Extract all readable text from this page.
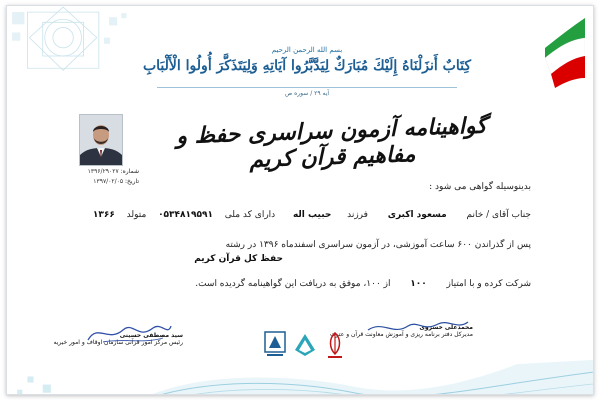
بسم الله الرحمن الرحیم
كِتَابٌ أَنزَلْنَاهُ إِلَيْكَ مُبَارَكٌ لِيَدَّبَّرُوا آيَاتِهِ وَلِيَتَذَكَّرَ أُولُوا الْأَلْبَابِ
آیه ۲۹ / سوره ص
شماره: ۱۳۹۶/۲۹۰۲۷
تاریخ: ۱۳۹۷/۰۲/۰۵
گواهینامه آزمون سراسری حفظ و مفاهیم قرآن کریم
بدینوسیله گواهی می شود :
جناب آقای / خانم  مسعود اکبری  فرزند  حبیب اله  دارای کد ملی  ۰۵۳۴۸۱۹۵۹۱  متولد  ۱۳۶۶
پس از گذراندن ۶۰۰ ساعت آموزشی، در آزمون سراسری اسفندماه ۱۳۹۶ در رشته
حفظ کل قرآن کریم
شرکت کرده و با امتیاز  ۱۰۰  از ۱۰۰، موفق به دریافت این گواهینامه گردیده است.
محمدعلی خسروی
مدیرکل دفتر برنامه ریزی و آموزش معاونت قرآن و عترت
سید مصطفی حسینی
رئیس مرکز امور قرآنی سازمان اوقاف و امور خیریه
